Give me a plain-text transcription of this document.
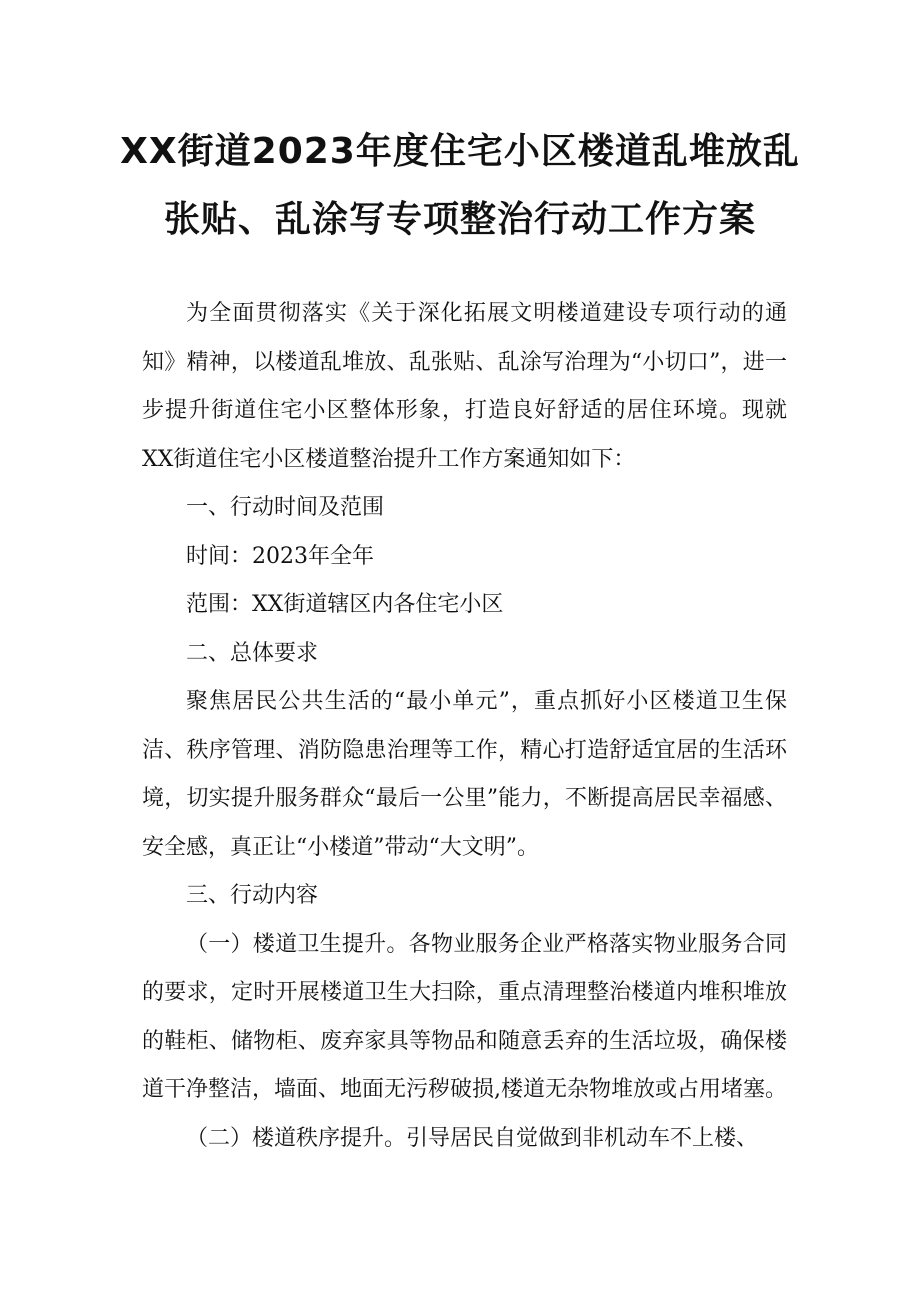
XX街道2023年度住宅小区楼道乱堆放乱
张贴、乱涂写专项整治行动工作方案

为全面贯彻落实《关于深化拓展文明楼道建设专项行动的通知》精神，以楼道乱堆放、乱张贴、乱涂写治理为“小切口”，进一步提升街道住宅小区整体形象，打造良好舒适的居住环境。现就XX街道住宅小区楼道整治提升工作方案通知如下：

一、行动时间及范围

时间：2023年全年

范围：XX街道辖区内各住宅小区

二、总体要求

聚焦居民公共生活的“最小单元”，重点抓好小区楼道卫生保洁、秩序管理、消防隐患治理等工作，精心打造舒适宜居的生活环境，切实提升服务群众“最后一公里”能力，不断提高居民幸福感、安全感，真正让“小楼道”带动“大文明”。

三、行动内容

（一）楼道卫生提升。各物业服务企业严格落实物业服务合同的要求，定时开展楼道卫生大扫除，重点清理整治楼道内堆积堆放的鞋柜、储物柜、废弃家具等物品和随意丢弃的生活垃圾，确保楼道干净整洁，墙面、地面无污秽破损,楼道无杂物堆放或占用堵塞。

（二）楼道秩序提升。引导居民自觉做到非机动车不上楼、
